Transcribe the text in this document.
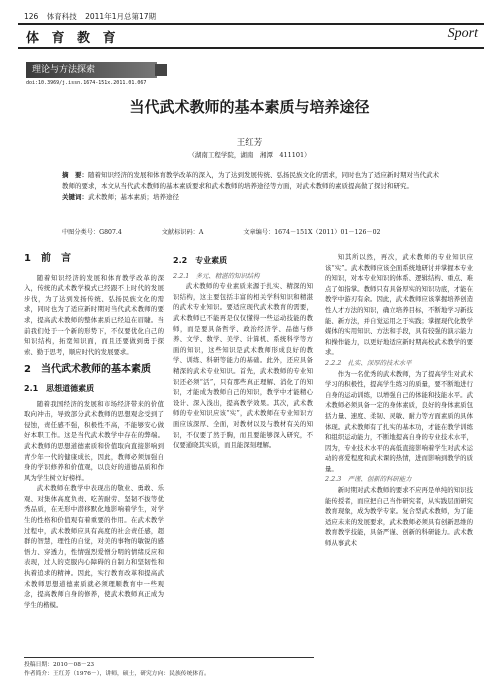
126 体育科技 2011年1月总第17期
体 育 教 育	Sport
理论与方法探索
doi:10.3969/j.issn.1674-151x.2011.01.067
当代武术教师的基本素质与培养途径
王红芳
（湖南工程学院，湖南　湘潭　411101）
摘　要：随着知识经济的发展和体育教学改革的深入，为了达到发展传统、弘扬民族文化的需求，同时也为了适应新时期对当代武术教师的要求，本文从当代武术教师的基本素质要求和武术教师的培养途径等方面，对武术教师的素质提高做了探讨和研究。
关键词：武术教师；基本素质；培养途径
中图分类号：G807.4	文献标识码：A	文章编号：1674－151X（2011）01－126－02
1　前　言

随着知识经济的发展和体育教学改革的深入，传统的武术教学模式已经跟不上时代的发展步伐，为了达到发扬传统、弘扬民族文化的需求，同时也为了适应新时期对当代武术教师的要求，提高武术教师的整体素质已经迫在眉睫。当前我们处于一个新的形势下，不仅要优化自己的知识结构，拓宽知识面，而且还要做到勇于探索、勤于思考，顺应时代的发展要求。

2　当代武术教师的基本素质
2.1　思想道德素质

随着我国经济的发展和市场经济带来的价值取向冲击，导致部分武术教师的思想观念受到了侵蚀，责任感不强，积极性不高，不能够安心做好本职工作。这是当代武术教学中存在的弊端。武术教师的思想道德素质和价值取向直接影响到青少年一代的健康成长，因此，教师必须加强自身的学识修养和价值观，以良好的道德品质和作风为学生树立好榜样。

武术教师在教学中表现出的敬业、勇敢、乐观、对集体高度负责、吃苦耐劳、坚韧不拔等优秀品质，在无形中潜移默化地影响着学生，对学生的性格和价值观有着重要的作用。在武术教学过程中，武术教师应具有高度的社会责任感，超群的智慧，理性的自觉，对美的事物的敏锐的感悟力、穿透力，性情强烈爱憎分明的情绪反应和表现，过人的克服内心障碍的自制力和坚韧性和执着追求的精神。因此，实行教育改革和提高武术教师思想道德素质就必须理顺教育中一些观念，提高教师自身的修养，使武术教师真正成为学生的楷模。

2.2　专业素质
2.2.1　多元、精湛的知识结构

武术教师的专业素质来源于扎实、精深的知识结构，这主要包括丰富的相关学科知识和精湛的武术专业知识。要适应现代武术教育的需要，武术教师已不能再是仅仅懂得一些运动技能的教师，而是要具备哲学、政治经济学、品德与修养、文学、数学、美学、计算机、系统科学等方面的知识，这些知识是武术教师形成良好的教学、训练、科研等能力的基础。此外，还应具备精深的武术专业知识。首先，武术教师的专业知识还必须“活”，只有那些真正理解、消化了的知识，才能成为教师自己的知识，教学中才能精心设计、深入浅出，提高教学效果。其次，武术教师的专业知识应该“实”，武术教师在专业知识方面应该深厚、全面，对教材以及与教材有关的知识，不仅要了然于胸，而且要能够深入研究，不仅要通晓其实质，而且能深刻理解。

知其所以然，再次，武术教师的专业知识应该“实”。武术教师应该全面系统地研讨并掌握本专业的知识，对本专业知识的体系、逻辑结构、重点、难点了如指掌。教师只有具备厚实的知识功底，才能在教学中游刃有余。因此，武术教师应该掌握培养创造性人才方法的知识，确立培养目标，不断地学习新技能、新方法，并自觉运用之于实践；掌握现代化教学媒体的实用知识、方法和手段，具有较强的演示能力和操作能力，以更好地适应新时期高校武术教学的要求。

2.2.2　扎实、深厚的技术水平

作为一名优秀的武术教师，为了提高学生对武术学习的积极性，提高学生练习的质量，要不断地进行自身的运动训练，以增强自己的体能和技能水平。武术教师必须具备一定的身体素质，良好的身体素质包括力量、速度、柔韧、灵敏、耐力等方面素质的具体体现。武术教师有了扎实的基本功，才能在教学训练和组织运动能力，不断地提高自身的专业技术水平，因为，专业技术水平的高低直接影响着学生对武术运动的喜爱程度和武术课的热情，进而影响到教学的质量。

2.2.3　严谨、创新的科研能力

新时期对武术教师的要求不应再是单纯的知识技能传授者，而应把自己当作研究者，从实践层面研究教育现象，成为教学专家。复合型武术教师，为了能适应未来的发展要求，武术教师必须具有创新思维的教育教学技能，具备严谨、创新的科研能力。武术教师从事武术

投稿日期：2010－08－23
作者简介：王红芳（1976－），讲师，硕士，研究方向：民族传统体育。
